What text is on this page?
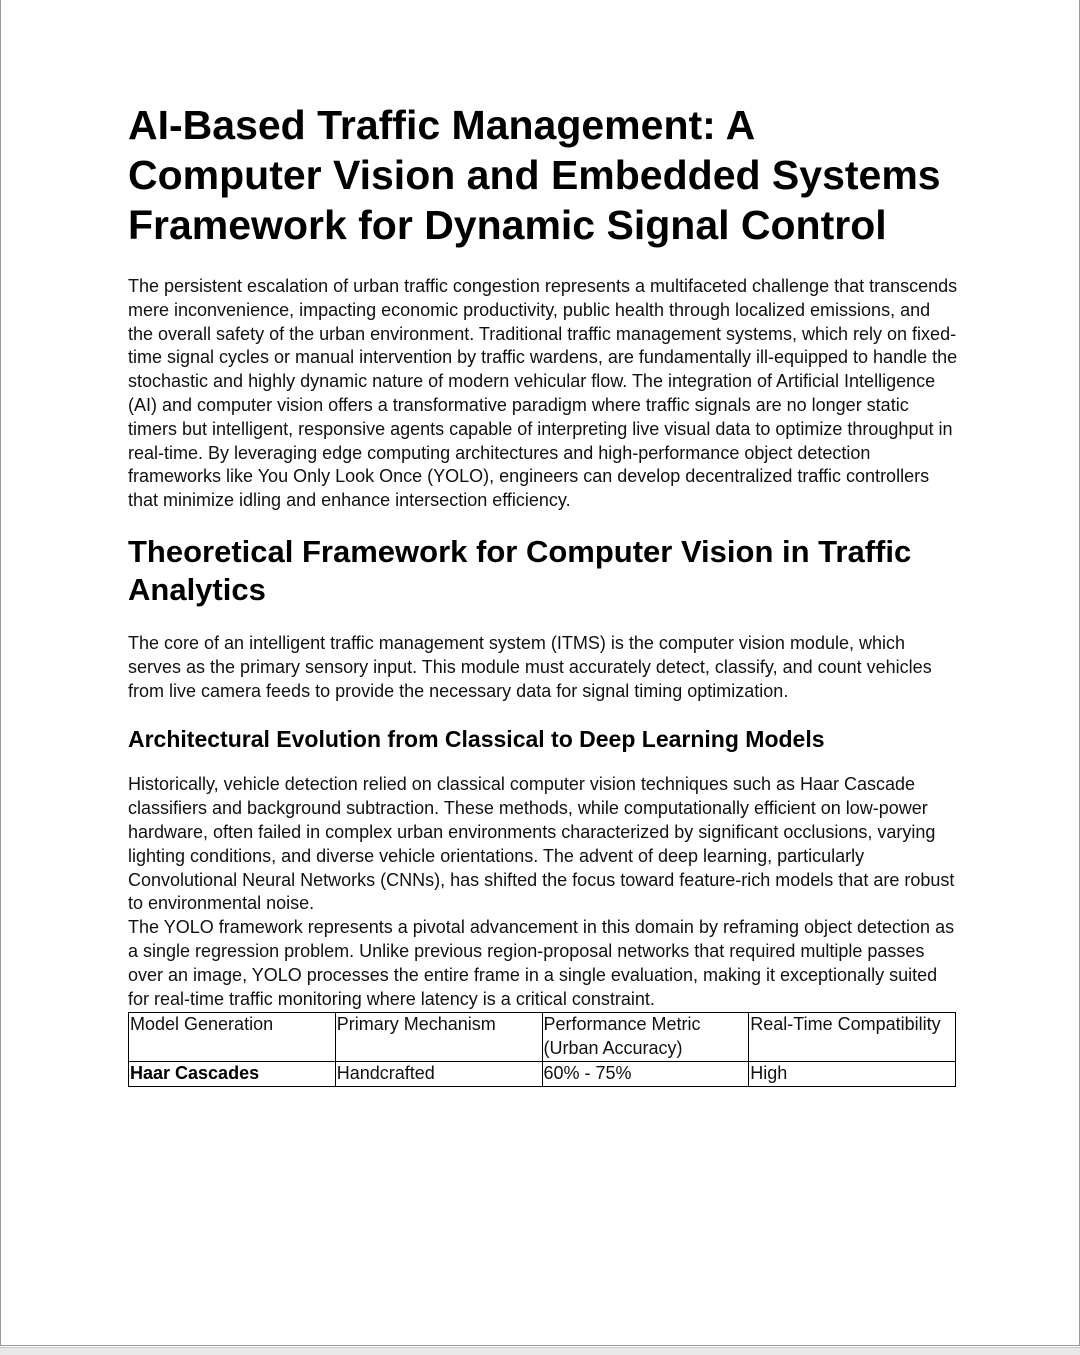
AI-Based Traffic Management: A Computer Vision and Embedded Systems Framework for Dynamic Signal Control

The persistent escalation of urban traffic congestion represents a multifaceted challenge that transcends mere inconvenience, impacting economic productivity, public health through localized emissions, and the overall safety of the urban environment. Traditional traffic management systems, which rely on fixed-time signal cycles or manual intervention by traffic wardens, are fundamentally ill-equipped to handle the stochastic and highly dynamic nature of modern vehicular flow. The integration of Artificial Intelligence (AI) and computer vision offers a transformative paradigm where traffic signals are no longer static timers but intelligent, responsive agents capable of interpreting live visual data to optimize throughput in real-time. By leveraging edge computing architectures and high-performance object detection frameworks like You Only Look Once (YOLO), engineers can develop decentralized traffic controllers that minimize idling and enhance intersection efficiency.

Theoretical Framework for Computer Vision in Traffic Analytics

The core of an intelligent traffic management system (ITMS) is the computer vision module, which serves as the primary sensory input. This module must accurately detect, classify, and count vehicles from live camera feeds to provide the necessary data for signal timing optimization.

Architectural Evolution from Classical to Deep Learning Models

Historically, vehicle detection relied on classical computer vision techniques such as Haar Cascade classifiers and background subtraction. These methods, while computationally efficient on low-power hardware, often failed in complex urban environments characterized by significant occlusions, varying lighting conditions, and diverse vehicle orientations. The advent of deep learning, particularly Convolutional Neural Networks (CNNs), has shifted the focus toward feature-rich models that are robust to environmental noise.

The YOLO framework represents a pivotal advancement in this domain by reframing object detection as a single regression problem. Unlike previous region-proposal networks that required multiple passes over an image, YOLO processes the entire frame in a single evaluation, making it exceptionally suited for real-time traffic monitoring where latency is a critical constraint.

Model Generation	Primary Mechanism	Performance Metric (Urban Accuracy)	Real-Time Compatibility
Haar Cascades	Handcrafted	60% - 75%	High
